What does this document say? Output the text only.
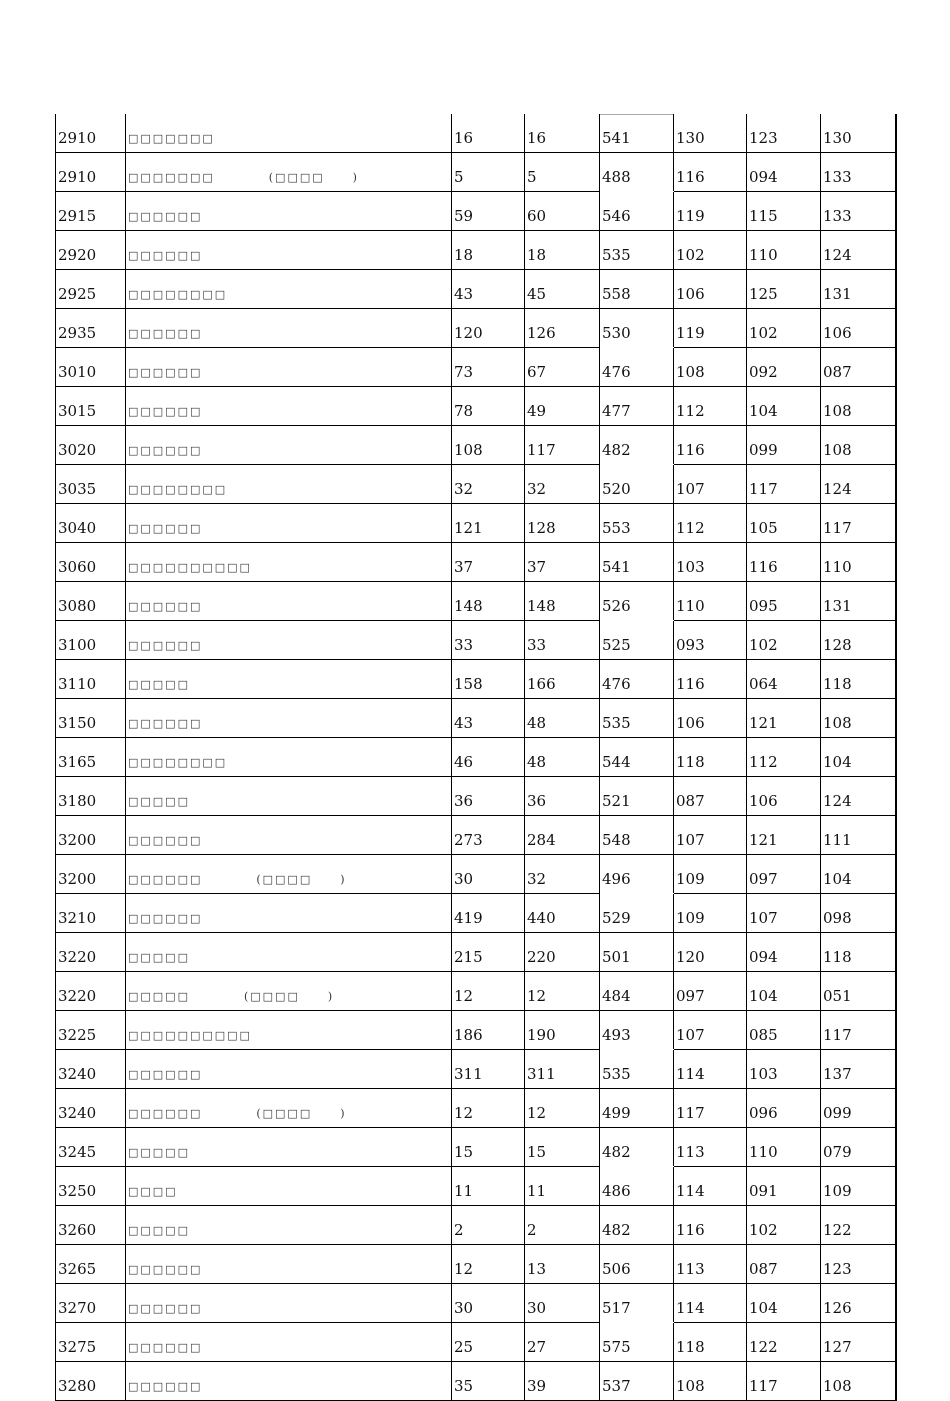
2910	□□□□□□□	16	16	541	130	123	130
2910	□□□□□□□ (□□□□ )	5	5	488	116	094	133
2915	□□□□□□	59	60	546	119	115	133
2920	□□□□□□	18	18	535	102	110	124
2925	□□□□□□□□	43	45	558	106	125	131
2935	□□□□□□	120	126	530	119	102	106
3010	□□□□□□	73	67	476	108	092	087
3015	□□□□□□	78	49	477	112	104	108
3020	□□□□□□	108	117	482	116	099	108
3035	□□□□□□□□	32	32	520	107	117	124
3040	□□□□□□	121	128	553	112	105	117
3060	□□□□□□□□□□	37	37	541	103	116	110
3080	□□□□□□	148	148	526	110	095	131
3100	□□□□□□	33	33	525	093	102	128
3110	□□□□□	158	166	476	116	064	118
3150	□□□□□□	43	48	535	106	121	108
3165	□□□□□□□□	46	48	544	118	112	104
3180	□□□□□	36	36	521	087	106	124
3200	□□□□□□	273	284	548	107	121	111
3200	□□□□□□ (□□□□ )	30	32	496	109	097	104
3210	□□□□□□	419	440	529	109	107	098
3220	□□□□□	215	220	501	120	094	118
3220	□□□□□ (□□□□ )	12	12	484	097	104	051
3225	□□□□□□□□□□	186	190	493	107	085	117
3240	□□□□□□	311	311	535	114	103	137
3240	□□□□□□ (□□□□ )	12	12	499	117	096	099
3245	□□□□□	15	15	482	113	110	079
3250	□□□□	11	11	486	114	091	109
3260	□□□□□	2	2	482	116	102	122
3265	□□□□□□	12	13	506	113	087	123
3270	□□□□□□	30	30	517	114	104	126
3275	□□□□□□	25	27	575	118	122	127
3280	□□□□□□	35	39	537	108	117	108
